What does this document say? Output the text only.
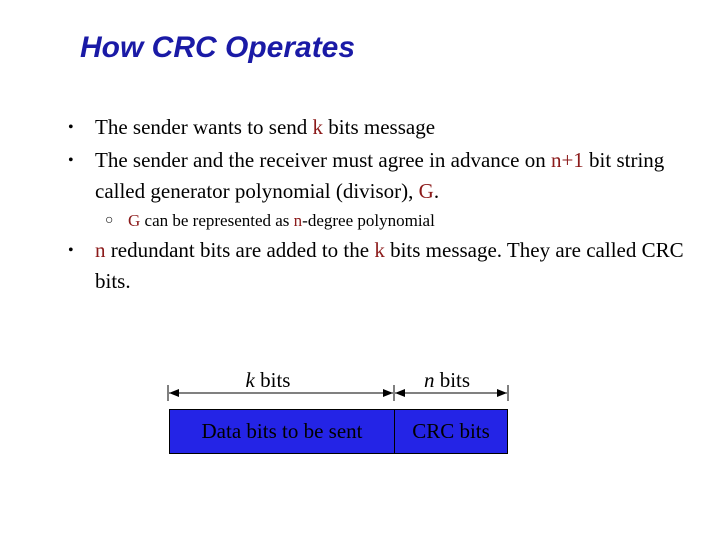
How CRC Operates
• The sender wants to send k bits message
• The sender and the receiver must agree in advance on n+1 bit string called generator polynomial (divisor), G.
○ G can be represented as n-degree polynomial
• n redundant bits are added to the k bits message. They are called CRC bits.
k bits	n bits
Data bits to be sent	CRC bits
